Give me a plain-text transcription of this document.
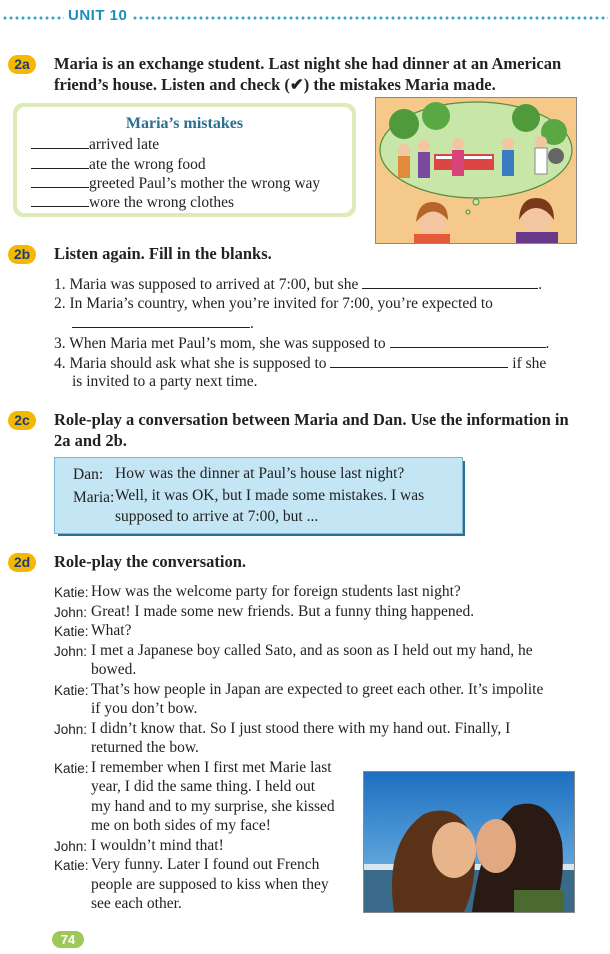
UNIT 10
2a	Maria is an exchange student. Last night she had dinner at an American
friend’s house. Listen and check (✔) the mistakes Maria made.
Maria’s mistakes
arrived late
ate the wrong food
greeted Paul’s mother the wrong way
wore the wrong clothes
2b	Listen again. Fill in the blanks.
1. Maria was supposed to arrived at 7:00, but she	.
2. In Maria’s country, when you’re invited for 7:00, you’re expected to
.
3. When Maria met Paul’s mom, she was supposed to	.
4. Maria should ask what she is supposed to	if she
is invited to a party next time.
2c	Role-play a conversation between Maria and Dan. Use the information in
2a and 2b.
Dan: How was the dinner at Paul’s house last night?
Maria: Well, it was OK, but I made some mistakes. I was
supposed to arrive at 7:00, but ...
2d	Role-play the conversation.
Katie: How was the welcome party for foreign students last night?
John: Great! I made some new friends. But a funny thing happened.
Katie: What?
John: I met a Japanese boy called Sato, and as soon as I held out my hand, he
bowed.
Katie: That’s how people in Japan are expected to greet each other. It’s impolite
if you don’t bow.
John: I didn’t know that. So I just stood there with my hand out. Finally, I
returned the bow.
Katie: I remember when I first met Marie last
year, I did the same thing. I held out
my hand and to my surprise, she kissed
me on both sides of my face!
John: I wouldn’t mind that!
Katie: Very funny. Later I found out French
people are supposed to kiss when they
see each other.
74
